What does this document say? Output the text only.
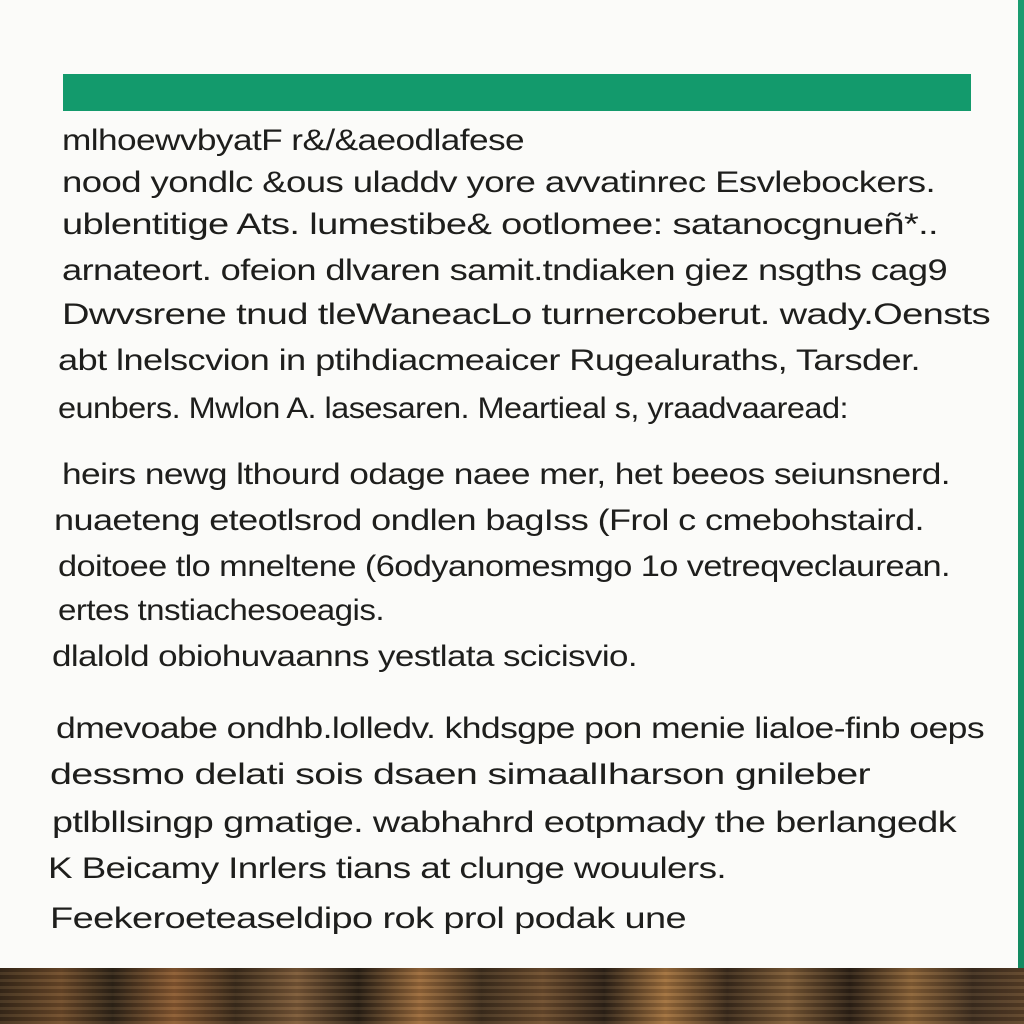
mlhoewvbyatF r&/&aeodlafese
nood yondlc &ous uladdv yore avvatinrec Esvlebockers.
ublentitige Ats. lumestibe& ootlomee: satanocgnueñ*..
arnateort. ofeion dlvaren samit.tndiaken giez nsgths cag9
Dwvsrene tnud tleWaneacLo turnercoberut. wady.Oensts
abt lnelscvion in ptihdiacmeaicer Rugealuraths, Tarsder.
eunbers. Mwlon A. lasesaren. Meartieal s, yraadvaaread:
heirs newg lthourd odage naee mer, het beeos seiunsnerd.
nuaeteng eteotlsrod ondlen bagIss (Frol c cmebohstaird.
doitoee tlo mneltene (6odyanomesmgo 1o vetreqveclaurean.
ertes tnstiachesoeagis.
dlalold obiohuvaanns yestlata scicisvio.
dmevoabe ondhb.lolledv. khdsgpe pon menie lialoe-finb oeps
dessmo delati sois dsaen simaalIharson gnileber
ptlbllsingp gmatige. wabhahrd eotpmady the berlangedk
K Beicamy Inrlers tians at clunge wouulers.
Feekeroeteaseldipo rok prol podak une
